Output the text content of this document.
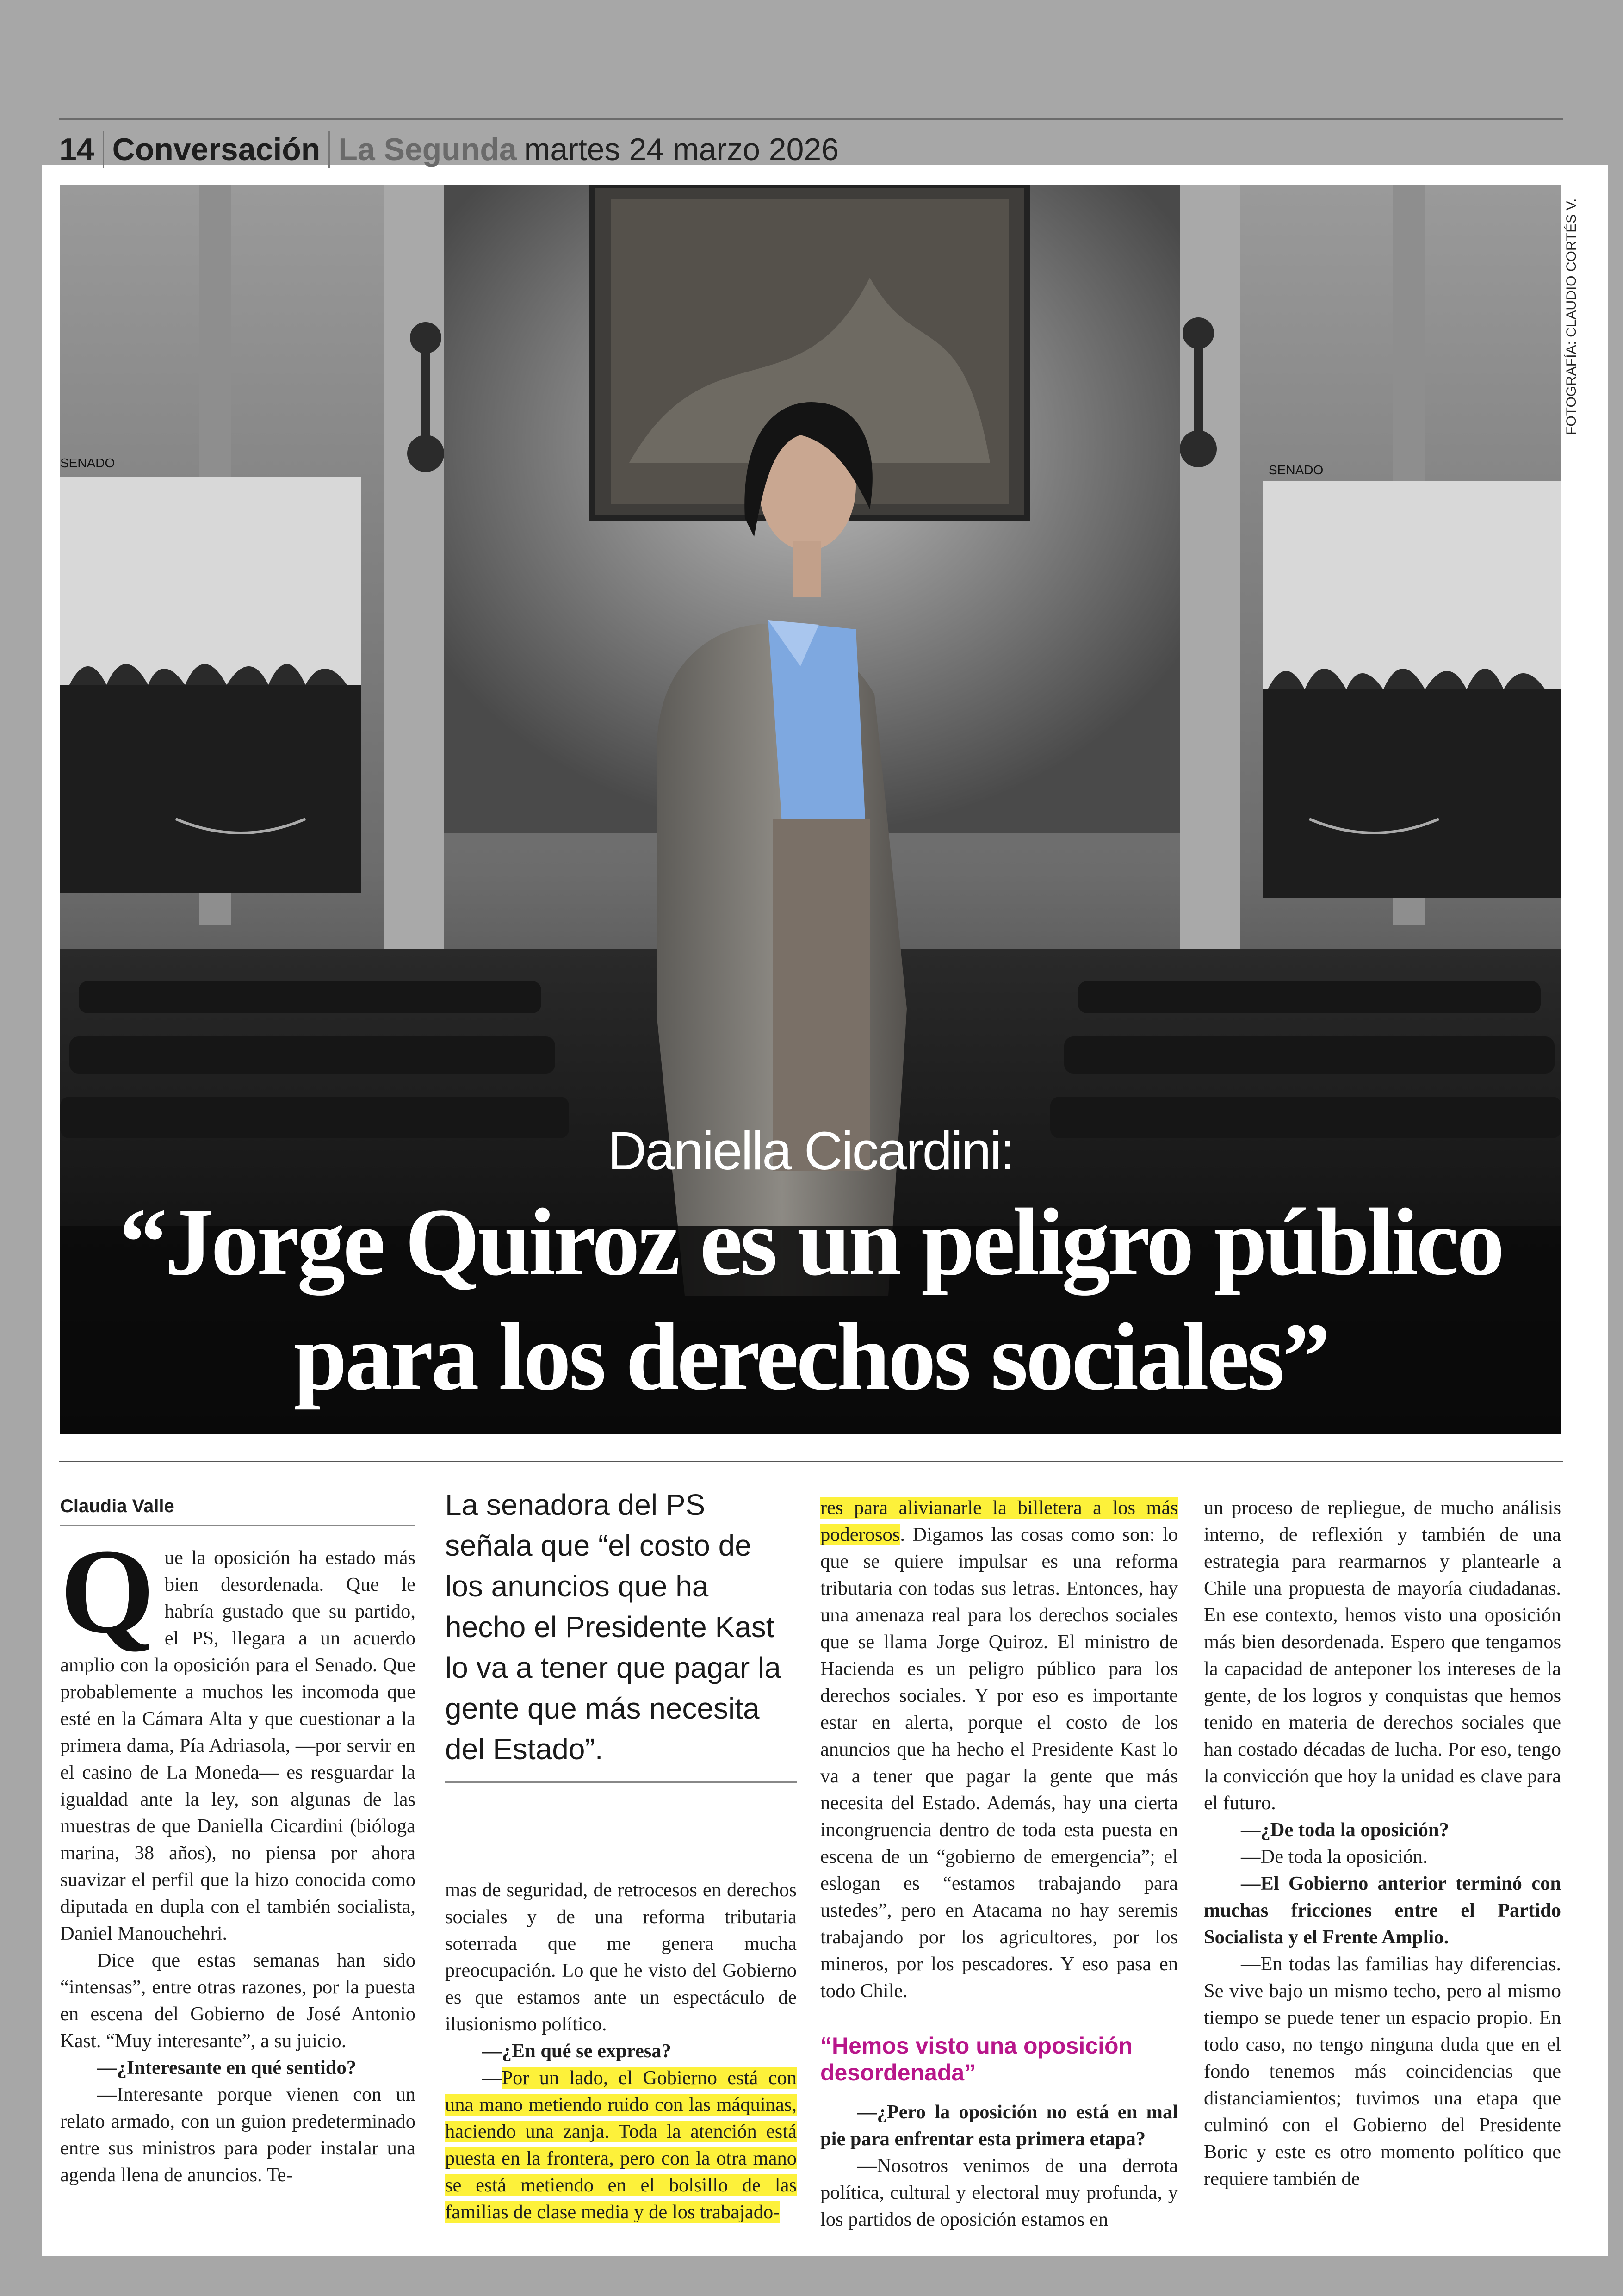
14 Conversación La Segunda martes 24 marzo 2026
SENADO	SENADO
FOTOGRAFÍA: CLAUDIO CORTÉS V.
Daniella Cicardini:
“Jorge Quiroz es un peligro público para los derechos sociales”
Claudia Valle

Que la oposición ha estado más bien desordenada. Que le habría gustado que su partido, el PS, llegara a un acuerdo amplio con la oposición para el Senado. Que probablemente a muchos les incomoda que esté en la Cámara Alta y que cuestionar a la primera dama, Pía Adriasola, —por servir en el casino de La Moneda— es resguardar la igualdad ante la ley, son algunas de las muestras de que Daniella Cicardini (bióloga marina, 38 años), no piensa por ahora suavizar el perfil que la hizo conocida como diputada en dupla con el también socialista, Daniel Manouchehri.

Dice que estas semanas han sido “intensas”, entre otras razones, por la puesta en escena del Gobierno de José Antonio Kast. “Muy interesante”, a su juicio.

—¿Interesante en qué sentido?

—Interesante porque vienen con un relato armado, con un guion predeterminado entre sus ministros para poder instalar una agenda llena de anuncios. Te-

La senadora del PS señala que “el costo de los anuncios que ha hecho el Presidente Kast lo va a tener que pagar la gente que más necesita del Estado”.

mas de seguridad, de retrocesos en derechos sociales y de una reforma tributaria soterrada que me genera mucha preocupación. Lo que he visto del Gobierno es que estamos ante un espectáculo de ilusionismo político.

—¿En qué se expresa?

—Por un lado, el Gobierno está con una mano metiendo ruido con las máquinas, haciendo una zanja. Toda la atención está puesta en la frontera, pero con la otra mano se está metiendo en el bolsillo de las familias de clase media y de los trabajado-

res para alivianarle la billetera a los más poderosos. Digamos las cosas como son: lo que se quiere impulsar es una reforma tributaria con todas sus letras. Entonces, hay una amenaza real para los derechos sociales que se llama Jorge Quiroz. El ministro de Hacienda es un peligro público para los derechos sociales. Y por eso es importante estar en alerta, porque el costo de los anuncios que ha hecho el Presidente Kast lo va a tener que pagar la gente que más necesita del Estado. Además, hay una cierta incongruencia dentro de toda esta puesta en escena de un “gobierno de emergencia”; el eslogan es “estamos trabajando para ustedes”, pero en Atacama no hay seremis trabajando por los agricultores, por los mineros, por los pescadores. Y eso pasa en todo Chile.

“Hemos visto una oposición desordenada”

—¿Pero la oposición no está en mal pie para enfrentar esta primera etapa?

—Nosotros venimos de una derrota política, cultural y electoral muy profunda, y los partidos de oposición estamos en

un proceso de repliegue, de mucho análisis interno, de reflexión y también de una estrategia para rearmarnos y plantearle a Chile una propuesta de mayoría ciudadanas. En ese contexto, hemos visto una oposición más bien desordenada. Espero que tengamos la capacidad de anteponer los intereses de la gente, de los logros y conquistas que hemos tenido en materia de derechos sociales que han costado décadas de lucha. Por eso, tengo la convicción que hoy la unidad es clave para el futuro.

—¿De toda la oposición?

—De toda la oposición.

—El Gobierno anterior terminó con muchas fricciones entre el Partido Socialista y el Frente Amplio.

—En todas las familias hay diferencias. Se vive bajo un mismo techo, pero al mismo tiempo se puede tener un espacio propio. En todo caso, no tengo ninguna duda que en el fondo tenemos más coincidencias que distanciamientos; tuvimos una etapa que culminó con el Gobierno del Presidente Boric y este es otro momento político que requiere también de
